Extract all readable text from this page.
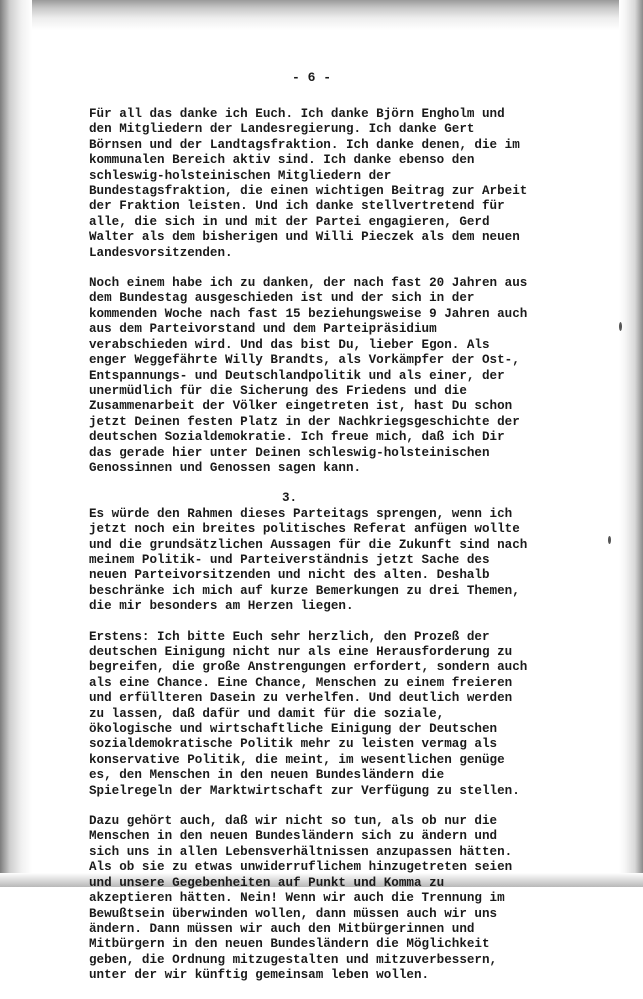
- 6 -
Für all das danke ich Euch. Ich danke Björn Engholm und
den Mitgliedern der Landesregierung. Ich danke Gert
Börnsen und der Landtagsfraktion. Ich danke denen, die im
kommunalen Bereich aktiv sind. Ich danke ebenso den
schleswig-holsteinischen Mitgliedern der
Bundestagsfraktion, die einen wichtigen Beitrag zur Arbeit
der Fraktion leisten. Und ich danke stellvertretend für
alle, die sich in und mit der Partei engagieren, Gerd
Walter als dem bisherigen und Willi Pieczek als dem neuen
Landesvorsitzenden.
Noch einem habe ich zu danken, der nach fast 20 Jahren aus
dem Bundestag ausgeschieden ist und der sich in der
kommenden Woche nach fast 15 beziehungsweise 9 Jahren auch
aus dem Parteivorstand und dem Parteipräsidium
verabschieden wird. Und das bist Du, lieber Egon. Als
enger Weggefährte Willy Brandts, als Vorkämpfer der Ost-,
Entspannungs- und Deutschlandpolitik und als einer, der
unermüdlich für die Sicherung des Friedens und die
Zusammenarbeit der Völker eingetreten ist, hast Du schon
jetzt Deinen festen Platz in der Nachkriegsgeschichte der
deutschen Sozialdemokratie. Ich freue mich, daß ich Dir
das gerade hier unter Deinen schleswig-holsteinischen
Genossinnen und Genossen sagen kann.
3.
Es würde den Rahmen dieses Parteitags sprengen, wenn ich
jetzt noch ein breites politisches Referat anfügen wollte
und die grundsätzlichen Aussagen für die Zukunft sind nach
meinem Politik- und Parteiverständnis jetzt Sache des
neuen Parteivorsitzenden und nicht des alten. Deshalb
beschränke ich mich auf kurze Bemerkungen zu drei Themen,
die mir besonders am Herzen liegen.
Erstens: Ich bitte Euch sehr herzlich, den Prozeß der
deutschen Einigung nicht nur als eine Herausforderung zu
begreifen, die große Anstrengungen erfordert, sondern auch
als eine Chance. Eine Chance, Menschen zu einem freieren
und erfüllteren Dasein zu verhelfen. Und deutlich werden
zu lassen, daß dafür und damit für die soziale,
ökologische und wirtschaftliche Einigung der Deutschen
sozialdemokratische Politik mehr zu leisten vermag als
konservative Politik, die meint, im wesentlichen genüge
es, den Menschen in den neuen Bundesländern die
Spielregeln der Marktwirtschaft zur Verfügung zu stellen.
Dazu gehört auch, daß wir nicht so tun, als ob nur die
Menschen in den neuen Bundesländern sich zu ändern und
sich uns in allen Lebensverhältnissen anzupassen hätten.
Als ob sie zu etwas unwiderruflichem hinzugetreten seien
und unsere Gegebenheiten auf Punkt und Komma zu
akzeptieren hätten. Nein! Wenn wir auch die Trennung im
Bewußtsein überwinden wollen, dann müssen auch wir uns
ändern. Dann müssen wir auch den Mitbürgerinnen und
Mitbürgern in den neuen Bundesländern die Möglichkeit
geben, die Ordnung mitzugestalten und mitzuverbessern,
unter der wir künftig gemeinsam leben wollen.
